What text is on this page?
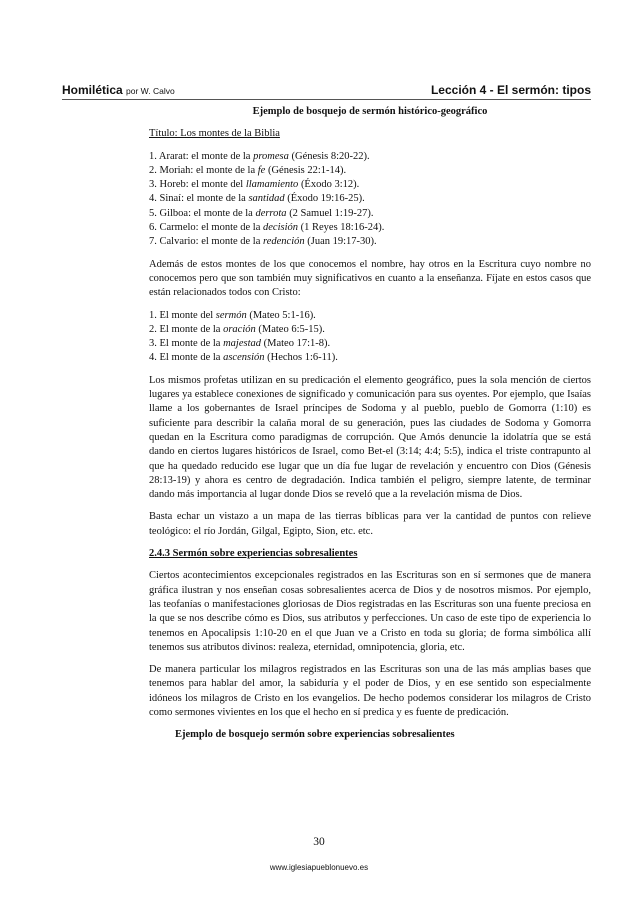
Homilética por W. Calvo	Lección 4 - El sermón: tipos
Ejemplo de bosquejo de sermón histórico-geográfico

Título: Los montes de la Biblia

1. Ararat: el monte de la promesa (Génesis 8:20-22).
2. Moriah: el monte de la fe (Génesis 22:1-14).
3. Horeb: el monte del llamamiento (Éxodo 3:12).
4. Sinaí: el monte de la santidad (Éxodo 19:16-25).
5. Gilboa: el monte de la derrota (2 Samuel 1:19-27).
6. Carmelo: el monte de la decisión (1 Reyes 18:16-24).
7. Calvario: el monte de la redención (Juan 19:17-30).

Además de estos montes de los que conocemos el nombre, hay otros en la Escritura cuyo nombre no conocemos pero que son también muy significativos en cuanto a la enseñanza. Fíjate en estos casos que están relacionados todos con Cristo:

1. El monte del sermón (Mateo 5:1-16).
2. El monte de la oración (Mateo 6:5-15).
3. El monte de la majestad (Mateo 17:1-8).
4. El monte de la ascensión (Hechos 1:6-11).

Los mismos profetas utilizan en su predicación el elemento geográfico, pues la sola mención de ciertos lugares ya establece conexiones de significado y comunicación para sus oyentes. Por ejemplo, que Isaías llame a los gobernantes de Israel príncipes de Sodoma y al pueblo, pueblo de Gomorra (1:10) es suficiente para describir la calaña moral de su generación, pues las ciudades de Sodoma y Gomorra quedan en la Escritura como paradigmas de corrupción. Que Amós denuncie la idolatría que se está dando en ciertos lugares históricos de Israel, como Bet-el (3:14; 4:4; 5:5), indica el triste contrapunto al que ha quedado reducido ese lugar que un día fue lugar de revelación y encuentro con Dios (Génesis 28:13-19) y ahora es centro de degradación. Indica también el peligro, siempre latente, de terminar dando más importancia al lugar donde Dios se reveló que a la revelación misma de Dios.

Basta echar un vistazo a un mapa de las tierras bíblicas para ver la cantidad de puntos con relieve teológico: el río Jordán, Gilgal, Egipto, Sion, etc. etc.

2.4.3 Sermón sobre experiencias sobresalientes

Ciertos acontecimientos excepcionales registrados en las Escrituras son en sí sermones que de manera gráfica ilustran y nos enseñan cosas sobresalientes acerca de Dios y de nosotros mismos. Por ejemplo, las teofanías o manifestaciones gloriosas de Dios registradas en las Escrituras son una fuente preciosa en la que se nos describe cómo es Dios, sus atributos y perfecciones. Un caso de este tipo de experiencia lo tenemos en Apocalipsis 1:10-20 en el que Juan ve a Cristo en toda su gloria; de forma simbólica allí tenemos sus atributos divinos: realeza, eternidad, omnipotencia, gloria, etc.

De manera particular los milagros registrados en las Escrituras son una de las más amplias bases que tenemos para hablar del amor, la sabiduría y el poder de Dios, y en ese sentido son especialmente idóneos los milagros de Cristo en los evangelios. De hecho podemos considerar los milagros de Cristo como sermones vivientes en los que el hecho en sí predica y es fuente de predicación.

Ejemplo de bosquejo sermón sobre experiencias sobresalientes
30
www.iglesiapueblonuevo.es
